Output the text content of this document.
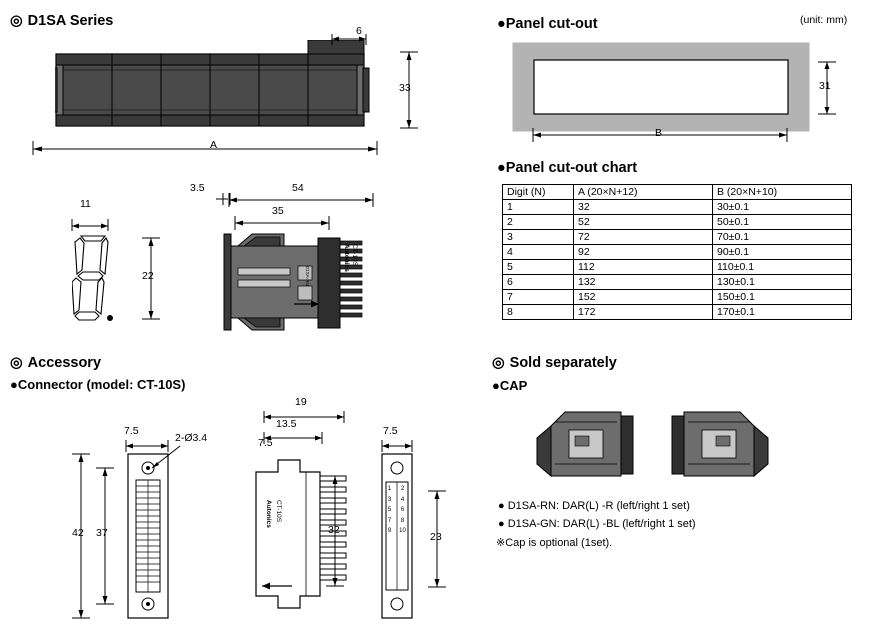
◎ D1SA Series	(unit: mm)
6
33
A
11
22
Autonics CT-10S
D1SA-RN
3.5	54
35
◎ Accessory
●Connector (model: CT-10S)
7.5
2-Ø3.4
42 37
Autonics CT-10S
19
13.5
7.5
32
1
3
5
7
9
2
4
6
8
10
7.5
23
●Panel cut-out
B
31
●Panel cut-out chart
Digit (N)	A (20×N+12)	B (20×N+10)
1	32	30±0.1
2	52	50±0.1
3	72	70±0.1
4	92	90±0.1
5	112	110±0.1
6	132	130±0.1
7	152	150±0.1
8	172	170±0.1
◎ Sold separately
●CAP
● D1SA-RN: DAR(L) -R (left/right 1 set)
● D1SA-GN: DAR(L) -BL (left/right 1 set)
※Cap is optional (1set).
